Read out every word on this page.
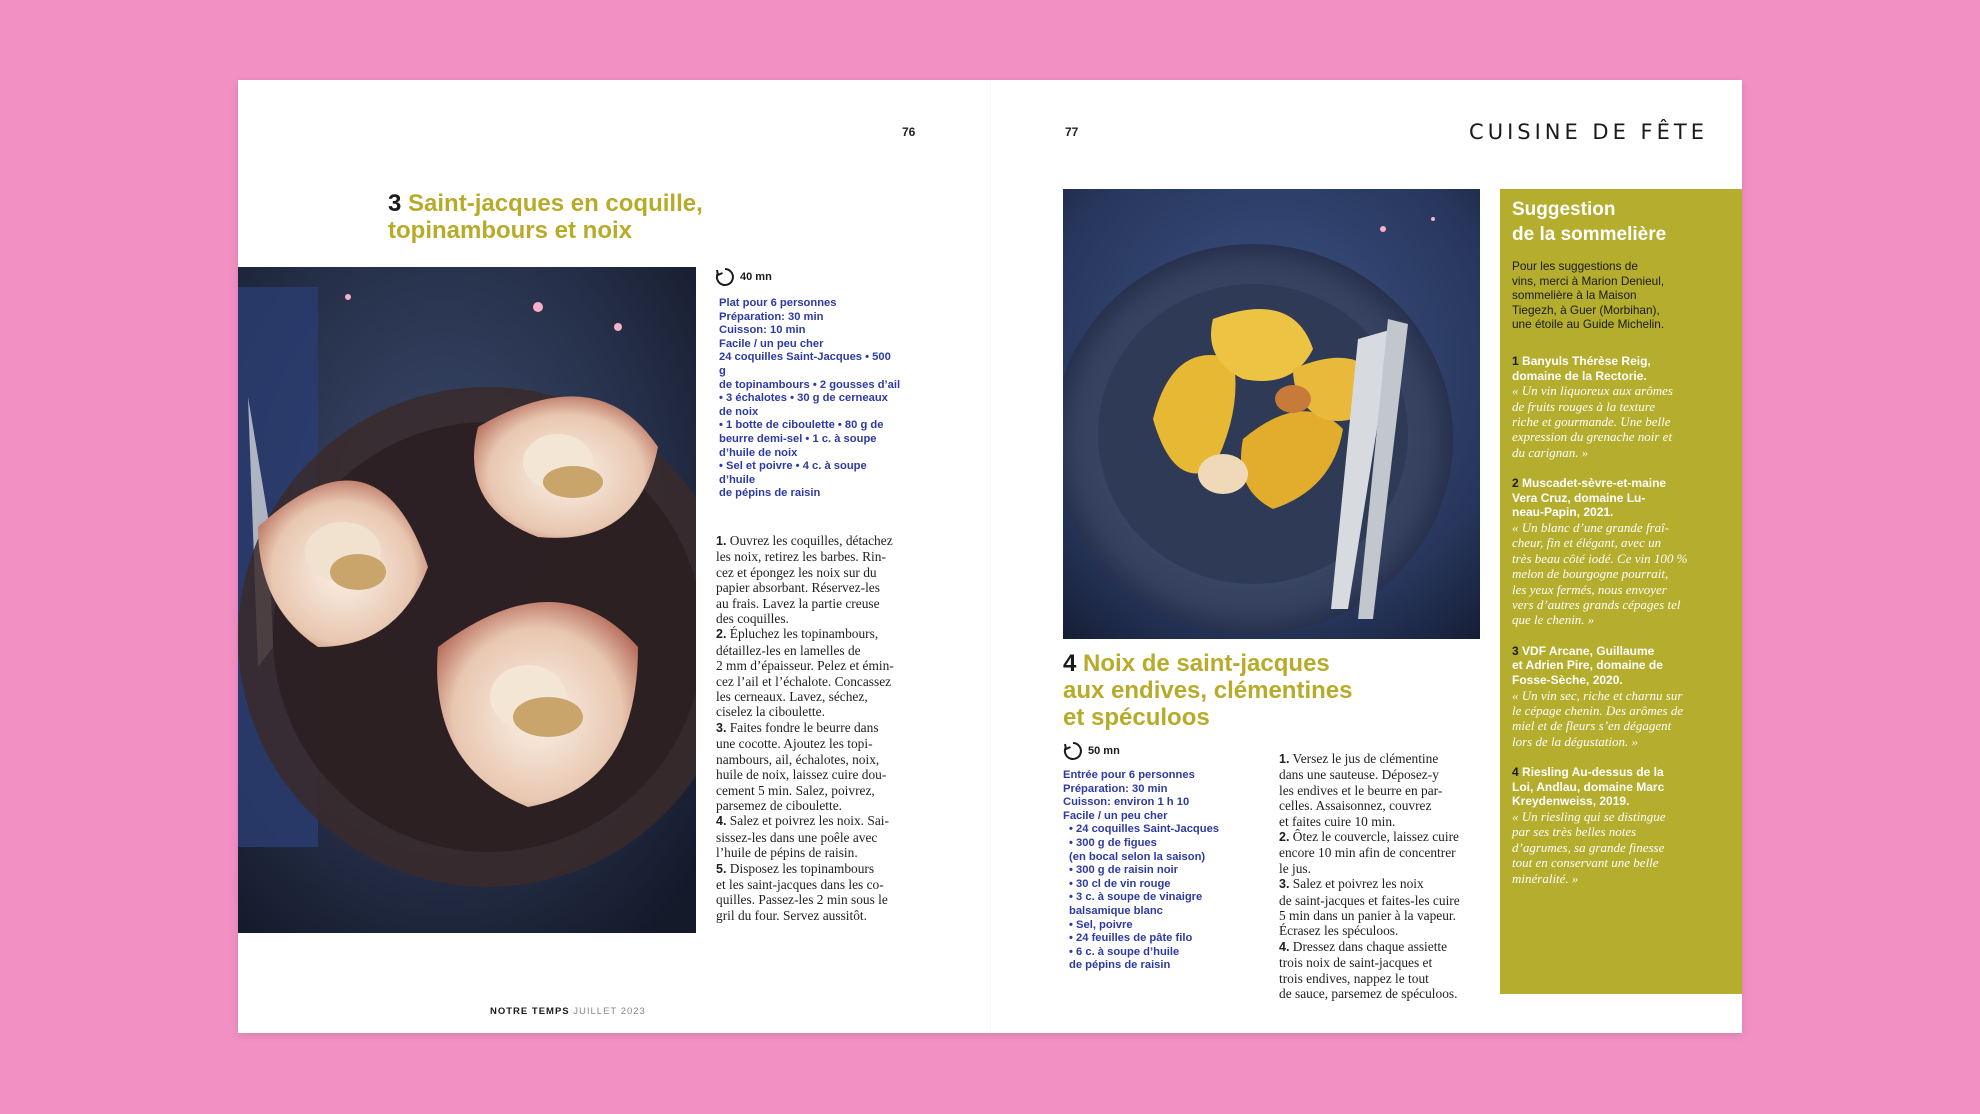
76
3 Saint-jacques en coquille,
topinambours et noix
40 mn
Plat pour 6 personnes
Préparation: 30 min
Cuisson: 10 min
Facile / un peu cher
24 coquilles Saint-Jacques • 500
g
de topinambours • 2 gousses d’ail
• 3 échalotes • 30 g de cerneaux
de noix
• 1 botte de ciboulette • 80 g de
beurre demi-sel • 1 c. à soupe
d’huile de noix
• Sel et poivre • 4 c. à soupe
d’huile
de pépins de raisin
1. Ouvrez les coquilles, détachez
les noix, retirez les barbes. Rin-
cez et épongez les noix sur du
papier absorbant. Réservez-les
au frais. Lavez la partie creuse
des coquilles.
2. Épluchez les topinambours,
détaillez-les en lamelles de
2 mm d’épaisseur. Pelez et émin-
cez l’ail et l’échalote. Concassez
les cerneaux. Lavez, séchez,
ciselez la ciboulette.
3. Faites fondre le beurre dans
une cocotte. Ajoutez les topi-
nambours, ail, échalotes, noix,
huile de noix, laissez cuire dou-
cement 5 min. Salez, poivrez,
parsemez de ciboulette.
4. Salez et poivrez les noix. Sai-
sissez-les dans une poêle avec
l’huile de pépins de raisin.
5. Disposez les topinambours
et les saint-jacques dans les co-
quilles. Passez-les 2 min sous le
gril du four. Servez aussitôt.
NOTRE TEMPS JUILLET 2023
77	CUISINE DE FÊTE
4 Noix de saint-jacques
aux endives, clémentines
et spéculoos
50 mn
Entrée pour 6 personnes
Préparation: 30 min
Cuisson: environ 1 h 10
Facile / un peu cher
• 24 coquilles Saint-Jacques
• 300 g de figues
(en bocal selon la saison)
• 300 g de raisin noir
• 30 cl de vin rouge
• 3 c. à soupe de vinaigre
balsamique blanc
• Sel, poivre
• 24 feuilles de pâte filo
• 6 c. à soupe d’huile
de pépins de raisin
1. Versez le jus de clémentine
dans une sauteuse. Déposez-y
les endives et le beurre en par-
celles. Assaisonnez, couvrez
et faites cuire 10 min.
2. Ôtez le couvercle, laissez cuire
encore 10 min afin de concentrer
le jus.
3. Salez et poivrez les noix
de saint-jacques et faites-les cuire
5 min dans un panier à la vapeur.
Écrasez les spéculoos.
4. Dressez dans chaque assiette
trois noix de saint-jacques et
trois endives, nappez le tout
de sauce, parsemez de spéculoos.
Suggestion
de la sommelière

Pour les suggestions de
vins, merci à Marion Denieul,
sommelière à la Maison
Tiegezh, à Guer (Morbihan),
une étoile au Guide Michelin.

1 Banyuls Thérèse Reig,
domaine de la Rectorie.
« Un vin liquoreux aux arômes
de fruits rouges à la texture
riche et gourmande. Une belle
expression du grenache noir et
du carignan. »
2 Muscadet-sèvre-et-maine
Vera Cruz, domaine Lu-
neau-Papin, 2021.
« Un blanc d’une grande fraî-
cheur, fin et élégant, avec un
très beau côté iodé. Ce vin 100 %
melon de bourgogne pourrait,
les yeux fermés, nous envoyer
vers d’autres grands cépages tel
que le chenin. »
3 VDF Arcane, Guillaume
et Adrien Pire, domaine de
Fosse-Sèche, 2020.
« Un vin sec, riche et charnu sur
le cépage chenin. Des arômes de
miel et de fleurs s’en dégagent
lors de la dégustation. »
4 Riesling Au-dessus de la
Loi, Andlau, domaine Marc
Kreydenweiss, 2019.
« Un riesling qui se distingue
par ses très belles notes
d’agrumes, sa grande finesse
tout en conservant une belle
minéralité. »
